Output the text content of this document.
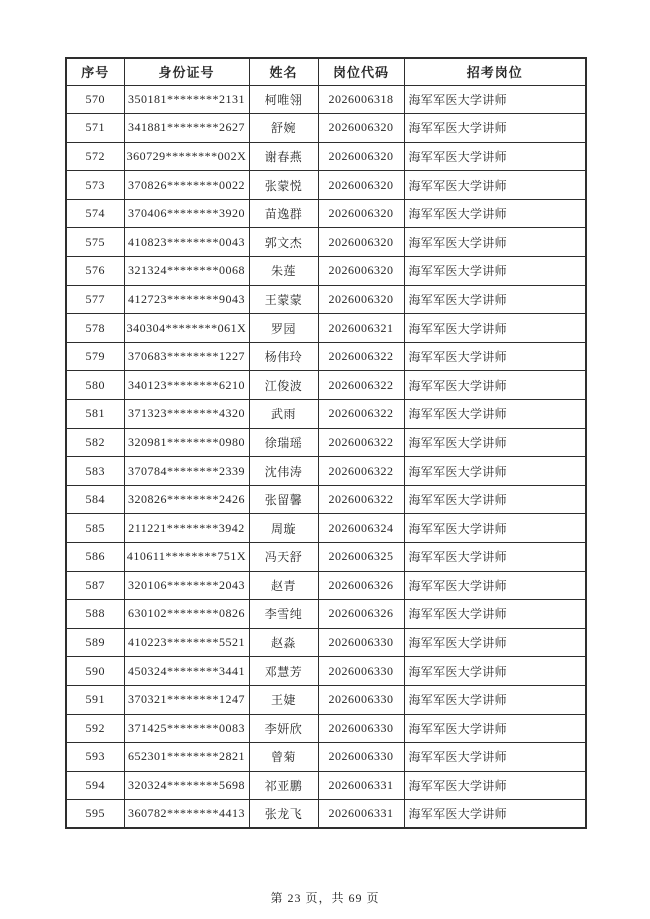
序号	身份证号	姓名	岗位代码	招考岗位
570	350181********2131	柯唯翎	2026006318	海军军医大学讲师
571	341881********2627	舒婉	2026006320	海军军医大学讲师
572	360729********002X	谢春燕	2026006320	海军军医大学讲师
573	370826********0022	张蒙悦	2026006320	海军军医大学讲师
574	370406********3920	苗逸群	2026006320	海军军医大学讲师
575	410823********0043	郭文杰	2026006320	海军军医大学讲师
576	321324********0068	朱莲	2026006320	海军军医大学讲师
577	412723********9043	王蒙蒙	2026006320	海军军医大学讲师
578	340304********061X	罗园	2026006321	海军军医大学讲师
579	370683********1227	杨伟玲	2026006322	海军军医大学讲师
580	340123********6210	江俊波	2026006322	海军军医大学讲师
581	371323********4320	武雨	2026006322	海军军医大学讲师
582	320981********0980	徐瑞瑶	2026006322	海军军医大学讲师
583	370784********2339	沈伟涛	2026006322	海军军医大学讲师
584	320826********2426	张留馨	2026006322	海军军医大学讲师
585	211221********3942	周璇	2026006324	海军军医大学讲师
586	410611********751X	冯天舒	2026006325	海军军医大学讲师
587	320106********2043	赵青	2026006326	海军军医大学讲师
588	630102********0826	李雪纯	2026006326	海军军医大学讲师
589	410223********5521	赵淼	2026006330	海军军医大学讲师
590	450324********3441	邓慧芳	2026006330	海军军医大学讲师
591	370321********1247	王婕	2026006330	海军军医大学讲师
592	371425********0083	李妍欣	2026006330	海军军医大学讲师
593	652301********2821	曾菊	2026006330	海军军医大学讲师
594	320324********5698	祁亚鹏	2026006331	海军军医大学讲师
595	360782********4413	张龙飞	2026006331	海军军医大学讲师
第 23 页，共 69 页
